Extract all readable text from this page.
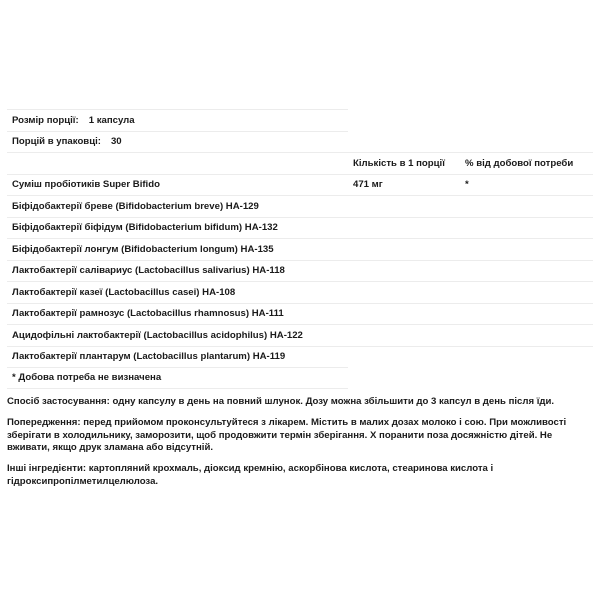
Розмір порції: 1 капсула
Порцій в упаковці: 30
Кількість в 1 порції % від добової потреби
Суміш пробіотиків Super Bifido	471 мг	*
Біфідобактерії бреве (Bifidobacterium breve) HA-129
Біфідобактерії біфідум (Bifidobacterium bifidum) HA-132
Біфідобактерії лонгум (Bifidobacterium longum) HA-135
Лактобактерії салівариус (Lactobacillus salivarius) HA-118
Лактобактерії казеї (Lactobacillus casei) HA-108
Лактобактерії рамнозус (Lactobacillus rhamnosus) HA-111
Ацидофільні лактобактерії (Lactobacillus acidophilus) HA-122
Лактобактерії плантарум (Lactobacillus plantarum) HA-119
* Добова потреба не визначена

Спосіб застосування: одну капсулу в день на повний шлунок. Дозу можна збільшити до 3 капсул в день після їди.

Попередження: перед прийомом проконсультуйтеся з лікарем. Містить в малих дозах молоко і сою. При можливості зберігати в холодильнику, заморозити, щоб продовжити термін зберігання. Х поранити поза досяжністю дітей. Не вживати, якщо друк зламана або відсутній.

Інші інгредієнти: картопляний крохмаль, діоксид кремнію, аскорбінова кислота, стеаринова кислота і гідроксипропілметилцелюлоза.
